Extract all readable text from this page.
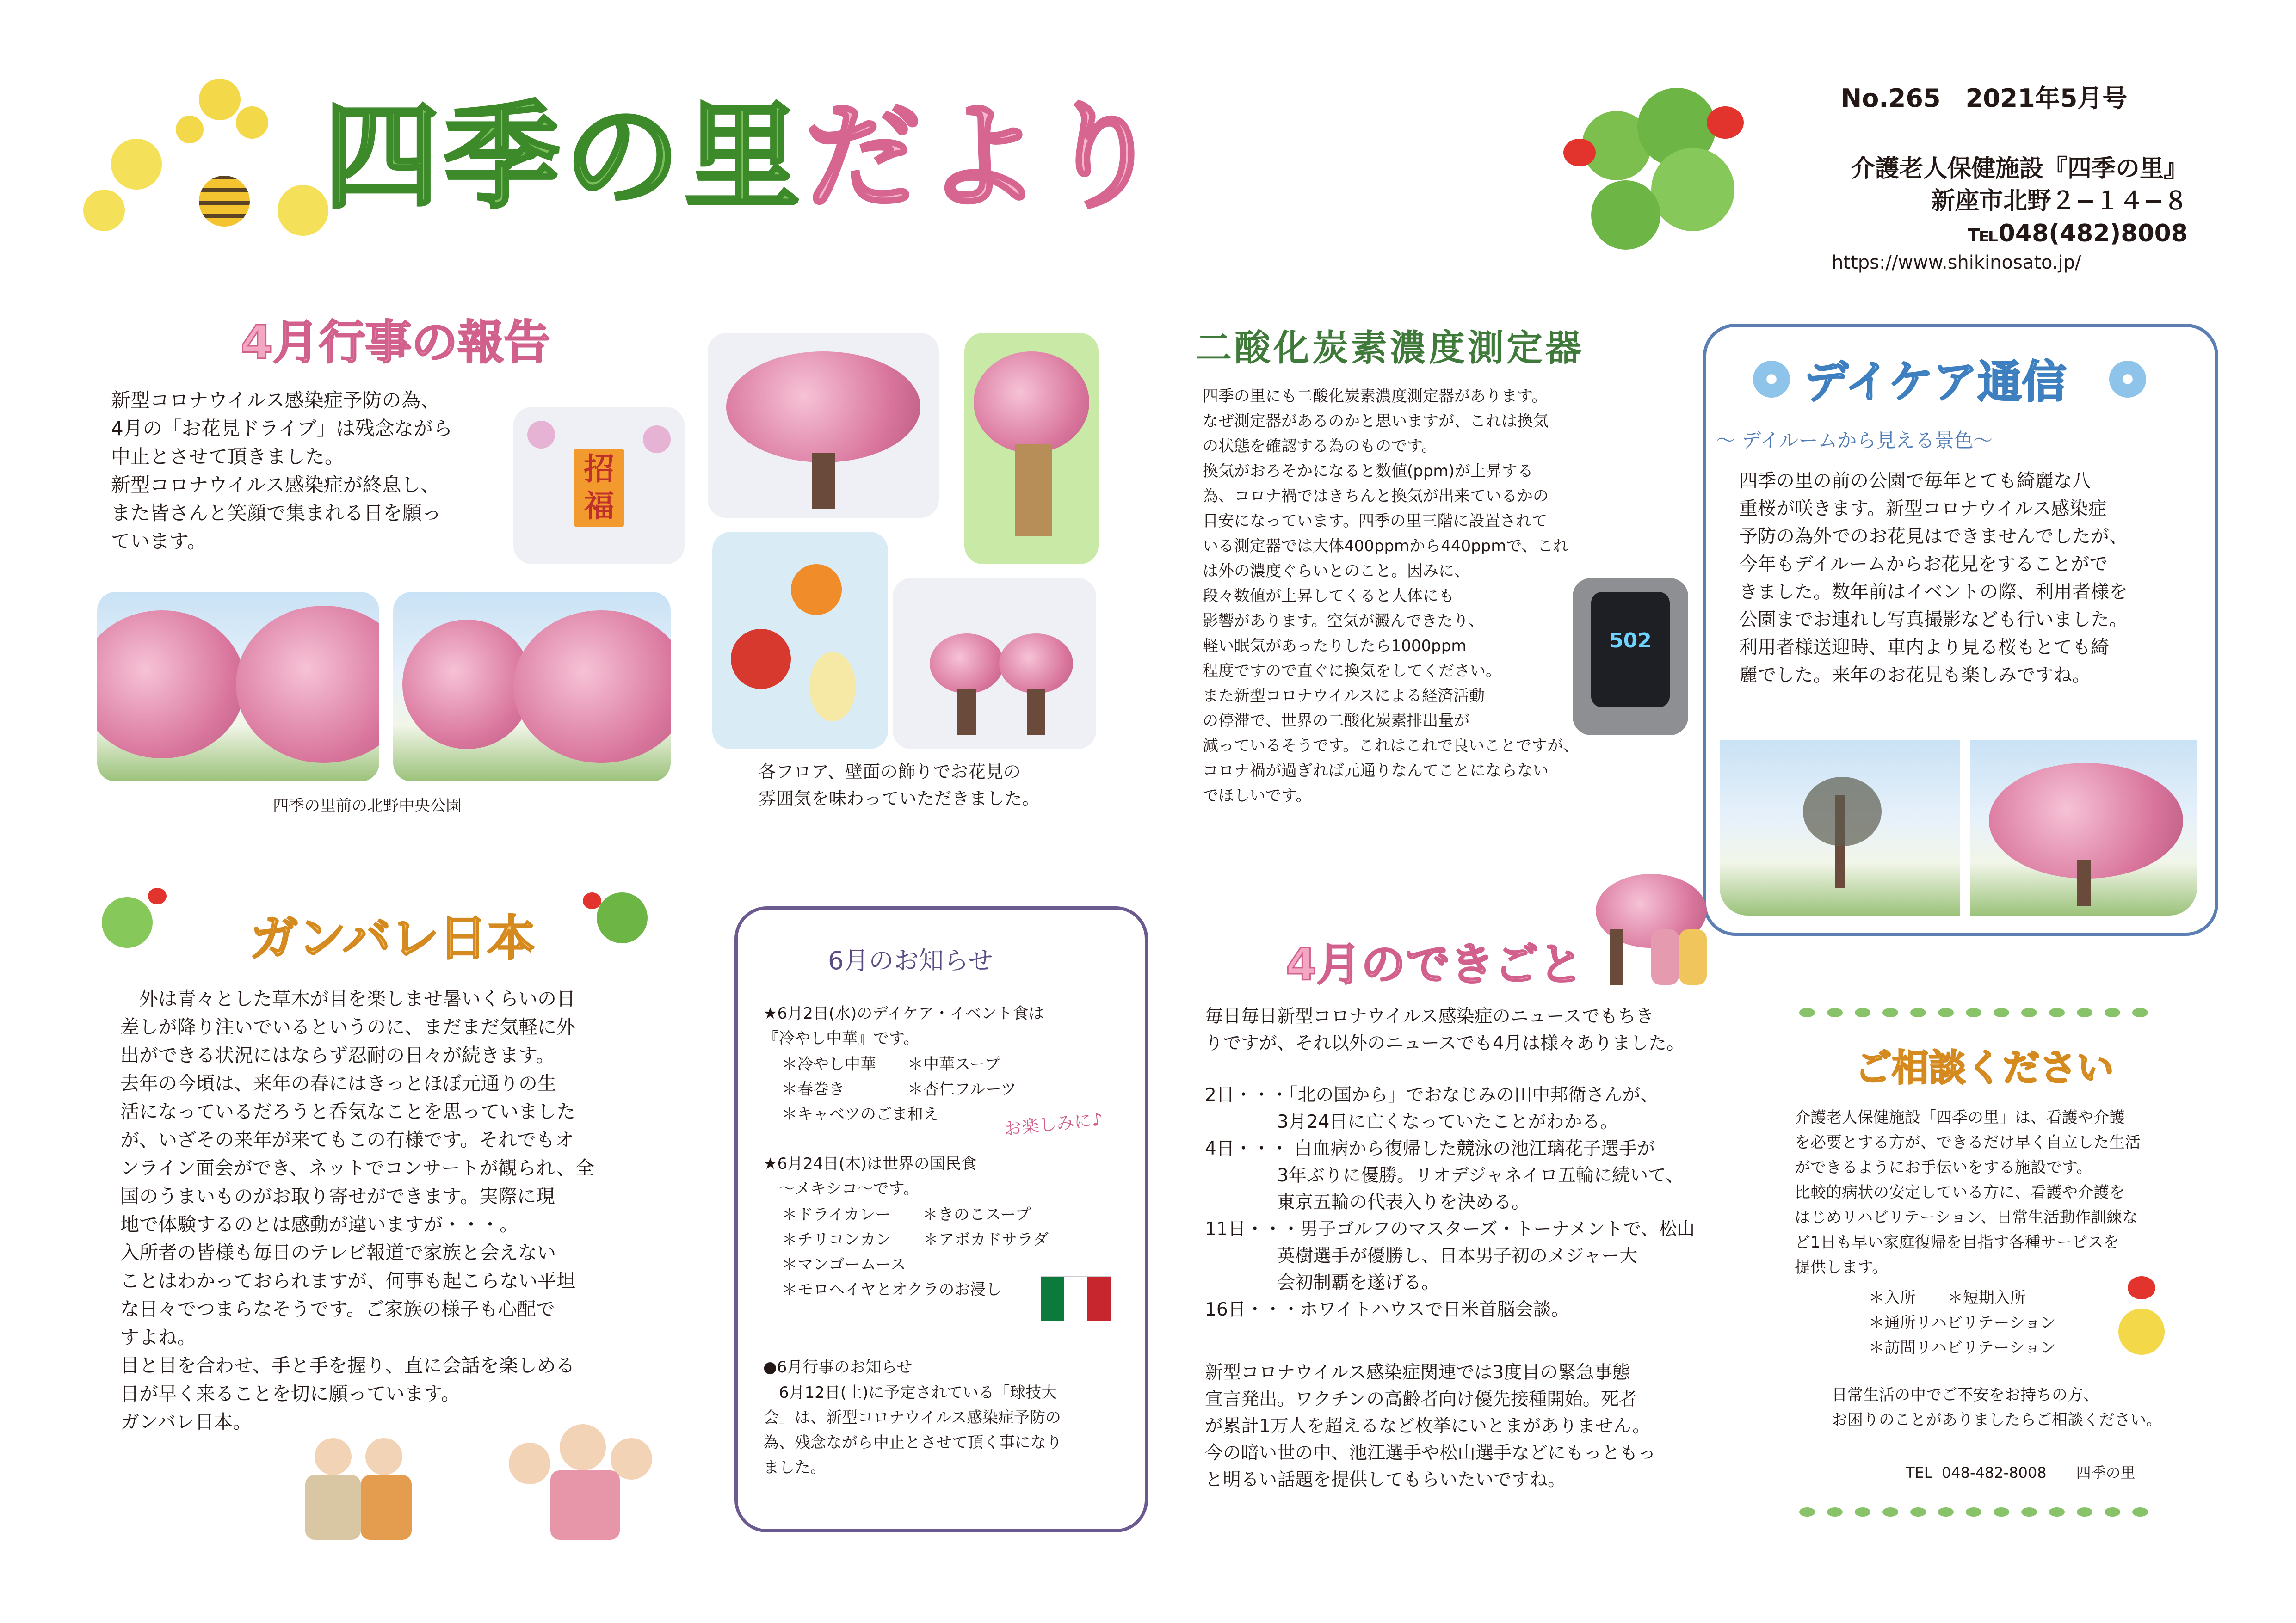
四季の里だより	No.265　2021年5月号
介護老人保健施設『四季の里』
新座市北野２−１４−８
℡048(482)8008
https://www.shikinosato.jp/
4月行事の報告
新型コロナウイルス感染症予防の為、
4月の「お花見ドライブ」は残念ながら
中止とさせて頂きました。
新型コロナウイルス感染症が終息し、
また皆さんと笑顔で集まれる日を願っ
ています。
招
福
四季の里前の北野中央公園
各フロア、壁面の飾りでお花見の
雰囲気を味わっていただきました。
二酸化炭素濃度測定器
四季の里にも二酸化炭素濃度測定器があります。
なぜ測定器があるのかと思いますが、これは換気
の状態を確認する為のものです。
換気がおろそかになると数値(ppm)が上昇する
為、コロナ禍ではきちんと換気が出来ているかの
目安になっています。四季の里三階に設置されて
いる測定器では大体400ppmから440ppmで、これ
は外の濃度ぐらいとのこと。因みに、
段々数値が上昇してくると人体にも
影響があります。空気が澱んできたり、
軽い眠気があったりしたら1000ppm
程度ですので直ぐに換気をしてください。
また新型コロナウイルスによる経済活動
の停滞で、世界の二酸化炭素排出量が
減っているそうです。これはこれで良いことですが、
コロナ禍が過ぎれば元通りなんてことにならない
でほしいです。
502
デイケア通信
～ デイルームから見える景色～
四季の里の前の公園で毎年とても綺麗な八
重桜が咲きます。新型コロナウイルス感染症
予防の為外でのお花見はできませんでしたが、
今年もデイルームからお花見をすることがで
きました。数年前はイベントの際、利用者様を
公園までお連れし写真撮影なども行いました。
利用者様送迎時、車内より見る桜もとても綺
麗でした。来年のお花見も楽しみですね。
ガンバレ日本
　外は青々とした草木が目を楽しませ暑いくらいの日
差しが降り注いでいるというのに、まだまだ気軽に外
出ができる状況にはならず忍耐の日々が続きます。
去年の今頃は、来年の春にはきっとほぼ元通りの生
活になっているだろうと呑気なことを思っていました
が、いざその来年が来てもこの有様です。それでもオ
ンライン面会ができ、ネットでコンサートが観られ、全
国のうまいものがお取り寄せができます。実際に現
地で体験するのとは感動が違いますが・・・。
入所者の皆様も毎日のテレビ報道で家族と会えない
ことはわかっておられますが、何事も起こらない平坦
な日々でつまらなそうです。ご家族の様子も心配で
すよね。
目と目を合わせ、手と手を握り、直に会話を楽しめる
日が早く来ることを切に願っています。
ガンバレ日本。
6月のお知らせ
★6月2日(水)のデイケア・イベント食は
『冷やし中華』です。
＊冷やし中華　　＊中華スープ
＊春巻き　　　　＊杏仁フルーツ
＊キャベツのごま和え	お楽しみに♪
★6月24日(木)は世界の国民食
　～メキシコ～です。
＊ドライカレー　　＊きのこスープ
＊チリコンカン　　＊アボカドサラダ
＊マンゴームース
＊モロヘイヤとオクラのお浸し
●6月行事のお知らせ
　6月12日(土)に予定されている「球技大
会」は、新型コロナウイルス感染症予防の
為、残念ながら中止とさせて頂く事になり
ました。
4月のできごと
毎日毎日新型コロナウイルス感染症のニュースでもちき
りですが、それ以外のニュースでも4月は様々ありました。
2日・・・「北の国から」でおなじみの田中邦衛さんが、
　　　　3月24日に亡くなっていたことがわかる。
4日・・・ 白血病から復帰した競泳の池江璃花子選手が
　　　　3年ぶりに優勝。リオデジャネイロ五輪に続いて、
　　　　東京五輪の代表入りを決める。
11日・・・男子ゴルフのマスターズ・トーナメントで、松山
　　　　英樹選手が優勝し、日本男子初のメジャー大
　　　　会初制覇を遂げる。
16日・・・ホワイトハウスで日米首脳会談。
新型コロナウイルス感染症関連では3度目の緊急事態
宣言発出。ワクチンの高齢者向け優先接種開始。死者
が累計1万人を超えるなど枚挙にいとまがありません。
今の暗い世の中、池江選手や松山選手などにもっともっ
と明るい話題を提供してもらいたいですね。
ご相談ください
介護老人保健施設「四季の里」は、看護や介護
を必要とする方が、できるだけ早く自立した生活
ができるようにお手伝いをする施設です。
比較的病状の安定している方に、看護や介護を
はじめリハビリテーション、日常生活動作訓練な
ど1日も早い家庭復帰を目指す各種サービスを
提供します。
＊入所　　＊短期入所
＊通所リハビリテーション
＊訪問リハビリテーション
日常生活の中でご不安をお持ちの方、
お困りのことがありましたらご相談ください。
TEL  048-482-8008　　四季の里
